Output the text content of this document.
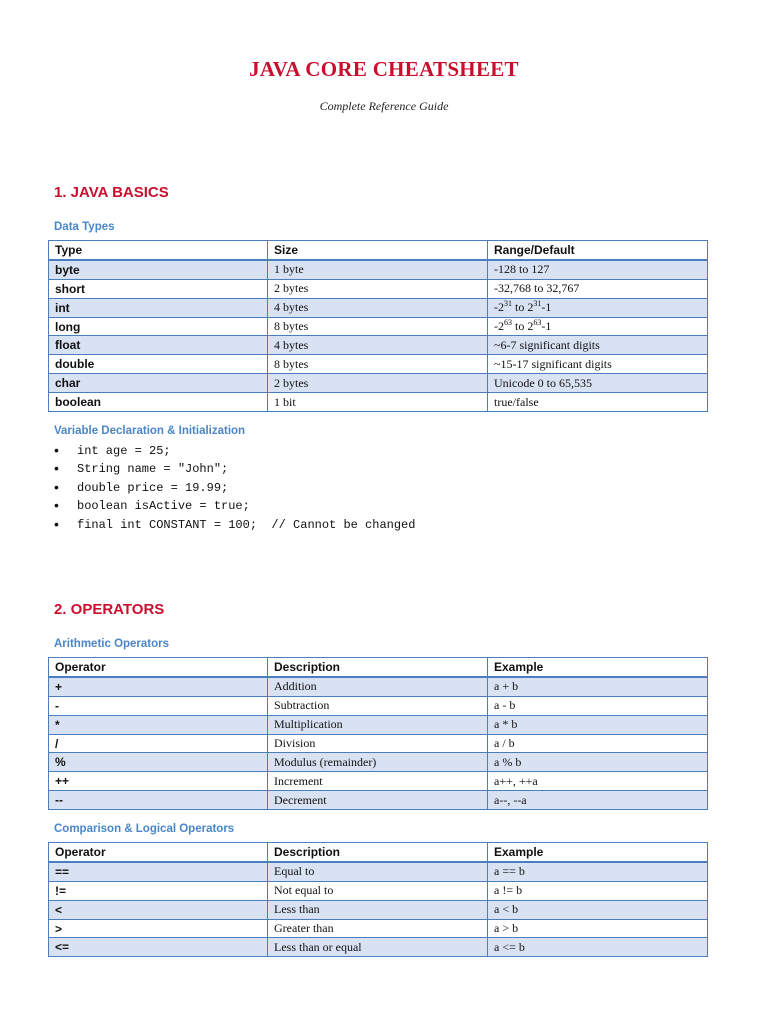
JAVA CORE CHEATSHEET
Complete Reference Guide
1. JAVA BASICS
Data Types
Type	Size	Range/Default
byte	1 byte	-128 to 127
short	2 bytes	-32,768 to 32,767
int	4 bytes	$-2^{31}$ to $2^{31}-1$
long	8 bytes	$-2^{63}$ to $2^{63}-1$
float	4 bytes	~6-7 significant digits
double	8 bytes	~15-17 significant digits
char	2 bytes	Unicode 0 to 65,535
boolean	1 bit	true/false
Variable Declaration & Initialization
• int age = 25;
• String name = "John";
• double price = 19.99;
• boolean isActive = true;
• final int CONSTANT = 100;  // Cannot be changed
2. OPERATORS
Arithmetic Operators
Operator	Description	Example
+	Addition	a + b
-	Subtraction	a - b
*	Multiplication	a * b
/	Division	a / b
%	Modulus (remainder)	a % b
++	Increment	a++, ++a
--	Decrement	a--, --a
Comparison & Logical Operators
Operator	Description	Example
==	Equal to	a == b
!=	Not equal to	a != b
<	Less than	a < b
>	Greater than	a > b
<=	Less than or equal	a <= b
